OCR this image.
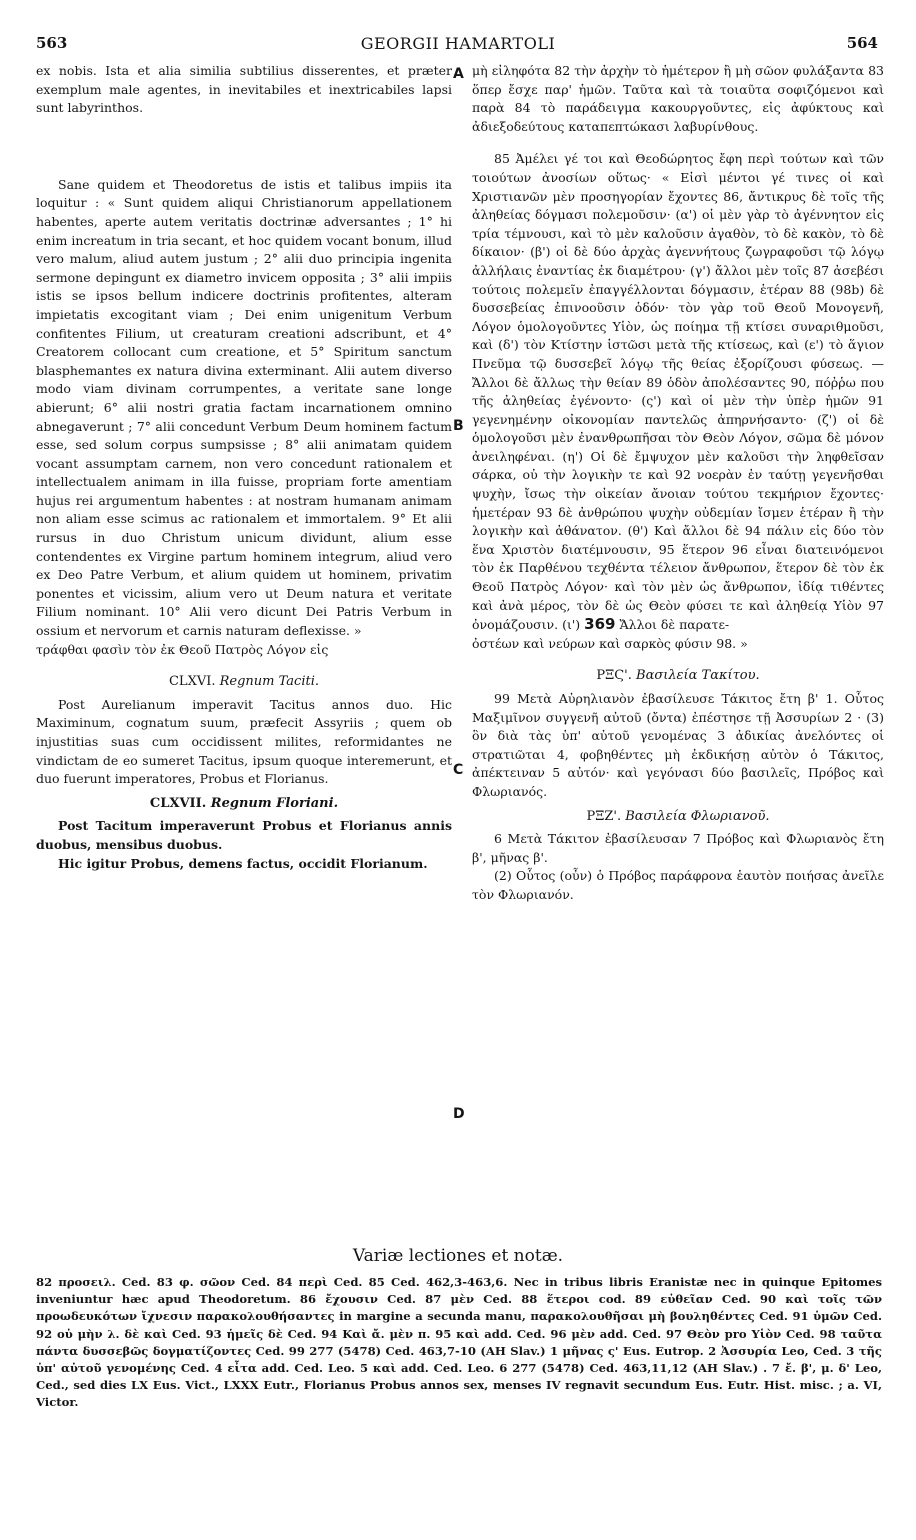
563	GEORGII HAMARTOLI	564
A
B
C
D

ex nobis. Ista et alia similia subtilius disserentes, et præter exemplum male agentes, in inevitabiles et inextricabiles lapsi sunt labyrinthos.

Sane quidem et Theodoretus de istis et talibus impiis ita loquitur : « Sunt quidem aliqui Christianorum appellationem habentes, aperte autem veritatis doctrinæ adversantes ; 1° hi enim increatum in tria secant, et hoc quidem vocant bonum, illud vero malum, aliud autem justum ; 2° alii duo principia ingenita sermone depingunt ex diametro invicem opposita ; 3° alii impiis istis se ipsos bellum indicere doctrinis profitentes, alteram impietatis excogitant viam ; Dei enim unigenitum Verbum confitentes Filium, ut creaturam creationi adscribunt, et 4° Creatorem collocant cum creatione, et 5° Spiritum sanctum blasphemantes ex natura divina exterminant. Alii autem diverso modo viam divinam corrumpentes, a veritate sane longe abierunt; 6° alii nostri gratia factam incarnationem omnino abnegaverunt ; 7° alii concedunt Verbum Deum hominem factum esse, sed solum corpus sumpsisse ; 8° alii animatam quidem vocant assumptam carnem, non vero concedunt rationalem et intellectualem animam in illa fuisse, propriam forte amentiam hujus rei argumentum habentes : at nostram humanam animam non aliam esse scimus ac rationalem et immortalem. 9° Et alii rursus in duo Christum unicum dividunt, alium esse contendentes ex Virgine partum hominem integrum, aliud vero ex Deo Patre Verbum, et alium quidem ut hominem, privatim ponentes et vicissim, alium vero ut Deum natura et veritate Filium nominant. 10° Alii vero dicunt Dei Patris Verbum in ossium et nervorum et carnis naturam deflexisse. »

τράφθαι φασὶν τὸν ἐκ Θεοῦ Πατρὸς Λόγον εἰς

CLXVI. Regnum Taciti.

Post Aurelianum imperavit Tacitus annos duo. Hic Maximinum, cognatum suum, præfecit Assyriis ; quem ob injustitias suas cum occidissent milites, reformidantes ne vindictam de eo sumeret Tacitus, ipsum quoque interemerunt, et duo fuerunt imperatores, Probus et Florianus.

CLXVII. Regnum Floriani.

Post Tacitum imperaverunt Probus et Florianus annis duobus, mensibus duobus.

Hic igitur Probus, demens factus, occidit Florianum.

μὴ εἰληφότα 82 τὴν ἀρχὴν τὸ ἡμέτερον ἢ μὴ σῶον φυλάξαντα 83 ὅπερ ἔσχε παρ' ἡμῶν. Ταῦτα καὶ τὰ τοιαῦτα σοφιζόμενοι καὶ παρὰ 84 τὸ παράδειγμα κακουργοῦντες, εἰς ἀφύκτους καὶ ἀδιεξοδεύτους καταπεπτώκασι λαβυρίνθους.

85 Ἀμέλει γέ τοι καὶ Θεοδώρητος ἔφη περὶ τούτων καὶ τῶν τοιούτων ἀνοσίων οὕτως· « Εἰσὶ μέντοι γέ τινες οἱ καὶ Χριστιανῶν μὲν προσηγορίαν ἔχοντες 86, ἄντικρυς δὲ τοῖς τῆς ἀληθείας δόγμασι πολεμοῦσιν· (α') οἱ μὲν γὰρ τὸ ἀγέννητον εἰς τρία τέμνουσι, καὶ τὸ μὲν καλοῦσιν ἀγαθὸν, τὸ δὲ κακὸν, τὸ δὲ δίκαιον· (β') οἱ δὲ δύο ἀρχὰς ἀγεννήτους ζωγραφοῦσι τῷ λόγῳ ἀλλήλαις ἐναντίας ἐκ διαμέτρου· (γ') ἄλλοι μὲν τοῖς 87 ἀσεβέσι τούτοις πολεμεῖν ἐπαγγέλλονται δόγμασιν, ἑτέραν 88 (98b) δὲ δυσσεβείας ἐπινοοῦσιν ὁδόν· τὸν γὰρ τοῦ Θεοῦ Μονογενῆ, Λόγον ὁμολογοῦντες Υἱὸν, ὡς ποίημα τῇ κτίσει συναριθμοῦσι, καὶ (δ') τὸν Κτίστην ἱστῶσι μετὰ τῆς κτίσεως, καὶ (ε') τὸ ἅγιον Πνεῦμα τῷ δυσσεβεῖ λόγῳ τῆς θείας ἐξορίζουσι φύσεως. — Ἄλλοι δὲ ἄλλως τὴν θείαν 89 ὁδὸν ἀπολέσαντες 90, πόῤῥω που τῆς ἀληθείας ἐγένοντο· (ς') καὶ οἱ μὲν τὴν ὑπὲρ ἡμῶν 91 γεγενημένην οἰκονομίαν παντελῶς ἀπηρνήσαντο· (ζ') οἱ δὲ ὁμολογοῦσι μὲν ἐνανθρωπῆσαι τὸν Θεὸν Λόγον, σῶμα δὲ μόνον ἀνειληφέναι. (η') Οἱ δὲ ἔμψυχον μὲν καλοῦσι τὴν ληφθεῖσαν σάρκα, οὐ τὴν λογικὴν τε καὶ 92 νοερὰν ἐν ταύτῃ γεγενῆσθαι ψυχὴν, ἴσως τὴν οἰκείαν ἄνοιαν τούτου τεκμήριον ἔχοντες· ἡμετέραν 93 δὲ ἀνθρώπου ψυχὴν οὐδεμίαν ἴσμεν ἑτέραν ἢ τὴν λογικὴν καὶ ἀθάνατον. (θ') Καὶ ἄλλοι δὲ 94 πάλιν εἰς δύο τὸν ἕνα Χριστὸν διατέμνουσιν, 95 ἕτερον 96 εἶναι διατεινόμενοι τὸν ἐκ Παρθένου τεχθέντα τέλειον ἄνθρωπον, ἕτερον δὲ τὸν ἐκ Θεοῦ Πατρὸς Λόγον· καὶ τὸν μὲν ὡς ἄνθρωπον, ἰδίᾳ τιθέντες καὶ ἀνὰ μέρος, τὸν δὲ ὡς Θεὸν φύσει τε καὶ ἀληθείᾳ Υἱὸν 97 ὀνομάζουσιν. (ι') 369 Ἄλλοι δὲ παρατε-

ὀστέων καὶ νεύρων καὶ σαρκὸς φύσιν 98. »

ΡΞϚ'. Βασιλεία Τακίτου.

99 Μετὰ Αὐρηλιανὸν ἐβασίλευσε Τάκιτος ἔτη β' 1. Οὗτος Μαξιμῖνον συγγενῆ αὐτοῦ (ὄντα) ἐπέστησε τῇ Ἀσσυρίων 2 · (3) ὃν διὰ τὰς ὑπ' αὐτοῦ γενομένας 3 ἀδικίας ἀνελόντες οἱ στρατιῶται 4, φοβηθέντες μὴ ἐκδικήσῃ αὐτὸν ὁ Τάκιτος, ἀπέκτειναν 5 αὐτόν· καὶ γεγόνασι δύο βασιλεῖς, Πρόβος καὶ Φλωριανός.

ΡΞΖ'. Βασιλεία Φλωριανοῦ.

6 Μετὰ Τάκιτον ἐβασίλευσαν 7 Πρόβος καὶ Φλωριανὸς ἔτη β', μῆνας β'.

(2) Οὗτος (οὖν) ὁ Πρόβος παράφρονα ἑαυτὸν ποιήσας ἀνεῖλε τὸν Φλωριανόν.

Variæ lectiones et notæ.
82 προσειλ. Ced. 83 φ. σῶον Ced. 84 περὶ Ced. 85 Ced. 462,3-463,6. Nec in tribus libris Eranistæ nec in quinque Epitomes inveniuntur hæc apud Theodoretum. 86 ἔχουσιν Ced. 87 μὲν Ced. 88 ἕτεροι cod. 89 εὐθεῖαν Ced. 90 καὶ τοῖς τῶν προωδευκότων ἴχνεσιν παρακολουθήσαντες in margine a secunda manu, παρακολουθῆσαι μὴ βουληθέντες Ced. 91 ὑμῶν Ced. 92 οὐ μὴν λ. δὲ καὶ Ced. 93 ἡμεῖς δὲ Ced. 94 Καὶ ἄ. μὲν π. 95 καὶ add. Ced. 96 μὲν add. Ced. 97 Θεὸν pro Υἱὸν Ced. 98 ταῦτα πάντα δυσσεβῶς δογματίζοντες Ced. 99 277 (5478) Ced. 463,7-10 (AH Slav.) 1 μῆνας ς' Eus. Eutrop. 2 Ἀσσυρία Leo, Ced. 3 τῆς ὑπ' αὐτοῦ γενομένης Ced. 4 εἶτα add. Ced. Leo. 5 καὶ add. Ced. Leo. 6 277 (5478) Ced. 463,11,12 (AH Slav.) . 7 ἔ. β', μ. δ' Leo, Ced., sed dies LX Eus. Vict., LXXX Eutr., Florianus Probus annos sex, menses IV regnavit secundum Eus. Eutr. Hist. misc. ; a. VI, Victor.
